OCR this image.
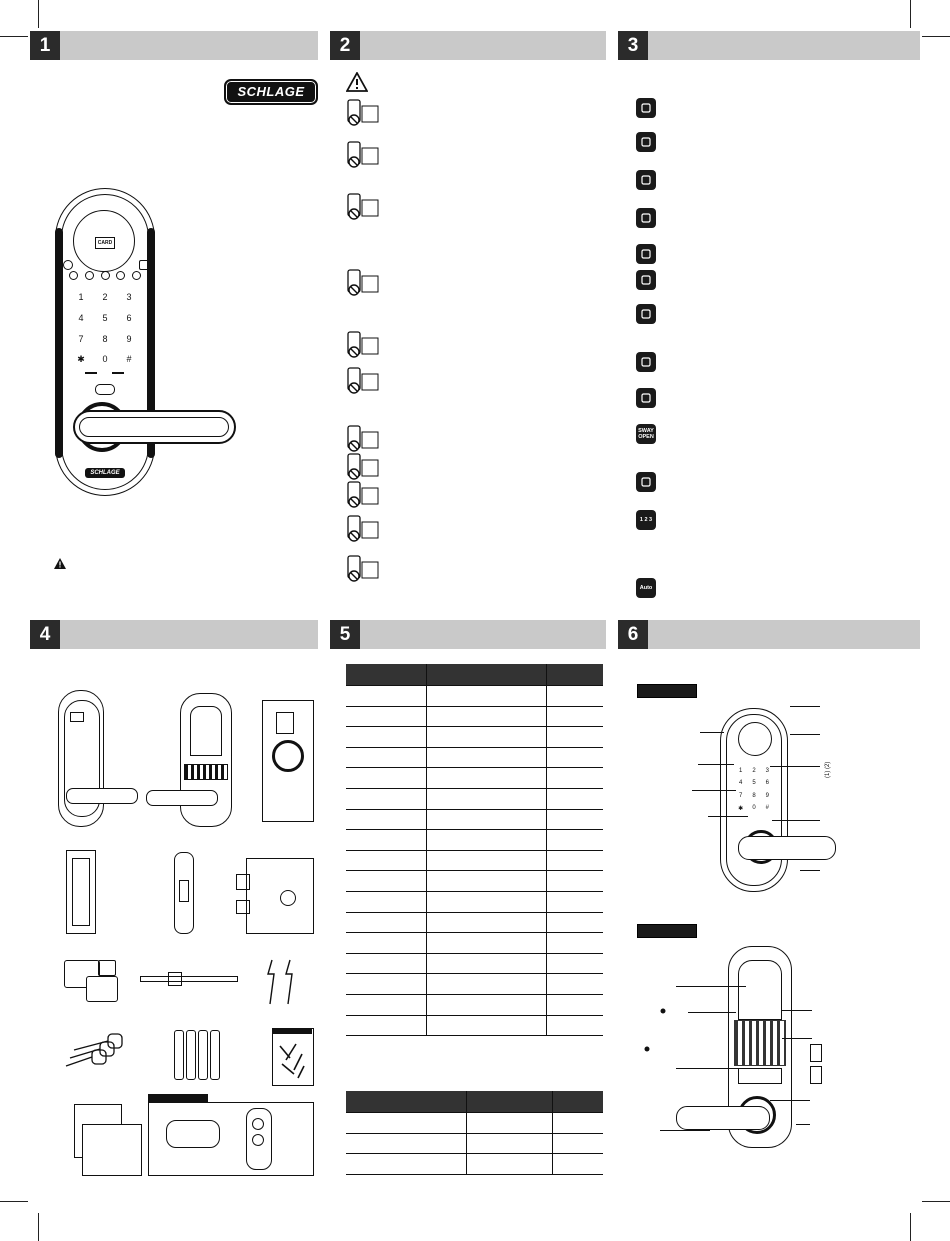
1	2	3
4	5	6
SCHLAGE
CARD
1	2	3
4	5	6
7	8	9
✱	0	#
SCHLAGE
SWAY OPEN
1 2 3
Auto

1	2	3
4	5	6
7	8	9
✱	0	#
(1) (2)
